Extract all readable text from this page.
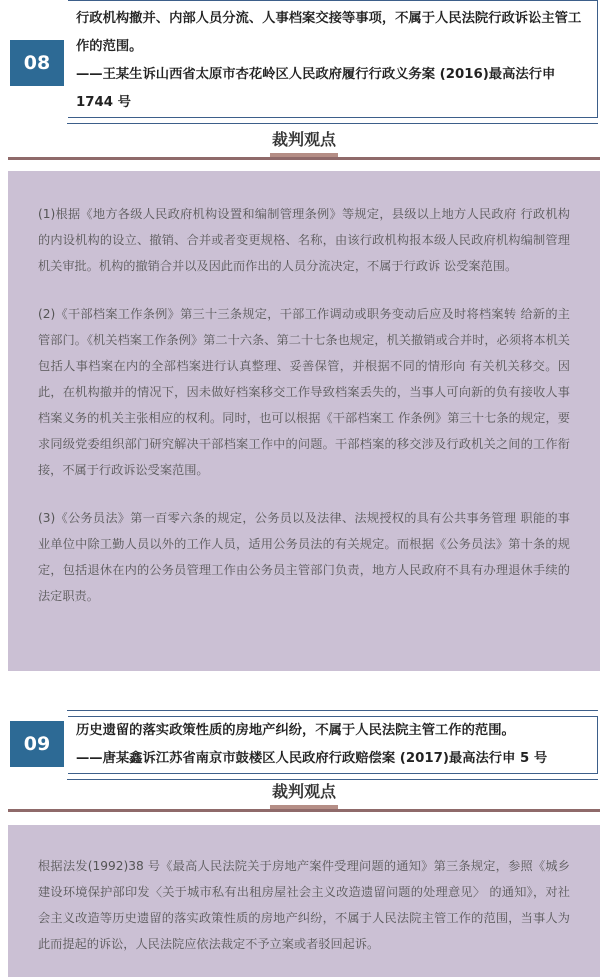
08
行政机构撤并、内部人员分流、人事档案交接等事项，不属于人民法院行政诉讼主管工 作的范围。
——王某生诉山西省太原市杏花岭区人民政府履行行政义务案 (2016)最高法行申 1744 号
裁判观点

(1)根据《地方各级人民政府机构设置和编制管理条例》等规定，县级以上地方人民政府 行政机构的内设机构的设立、撤销、合并或者变更规格、名称，由该行政机构报本级人民政府机构编制管理机关审批。机构的撤销合并以及因此而作出的人员分流决定，不属于行政诉 讼受案范围。

(2)《干部档案工作条例》第三十三条规定，干部工作调动或职务变动后应及时将档案转 给新的主管部门。《机关档案工作条例》第二十六条、第二十七条也规定，机关撤销或合并时，必须将本机关包括人事档案在内的全部档案进行认真整理、妥善保管，并根据不同的情形向 有关机关移交。因此，在机构撤并的情况下，因未做好档案移交工作导致档案丢失的，当事人可向新的负有接收人事档案义务的机关主张相应的权利。同时，也可以根据《干部档案工 作条例》第三十七条的规定，要求同级党委组织部门研究解决干部档案工作中的问题。干部档案的移交涉及行政机关之间的工作衔接，不属于行政诉讼受案范围。

(3)《公务员法》第一百零六条的规定，公务员以及法律、法规授权的具有公共事务管理 职能的事业单位中除工勤人员以外的工作人员，适用公务员法的有关规定。而根据《公务员法》第十条的规定，包括退休在内的公务员管理工作由公务员主管部门负责，地方人民政府不具有办理退休手续的法定职责。

09
历史遗留的落实政策性质的房地产纠纷，不属于人民法院主管工作的范围。
——唐某鑫诉江苏省南京市鼓楼区人民政府行政赔偿案 (2017)最高法行申 5 号
裁判观点

根据法发(1992)38 号《最高人民法院关于房地产案件受理问题的通知》第三条规定，参照《城乡建设环境保护部印发〈关于城市私有出租房屋社会主义改造遗留问题的处理意见〉 的通知》，对社会主义改造等历史遗留的落实政策性质的房地产纠纷，不属于人民法院主管工作的范围，当事人为此而提起的诉讼，人民法院应依法裁定不予立案或者驳回起诉。
